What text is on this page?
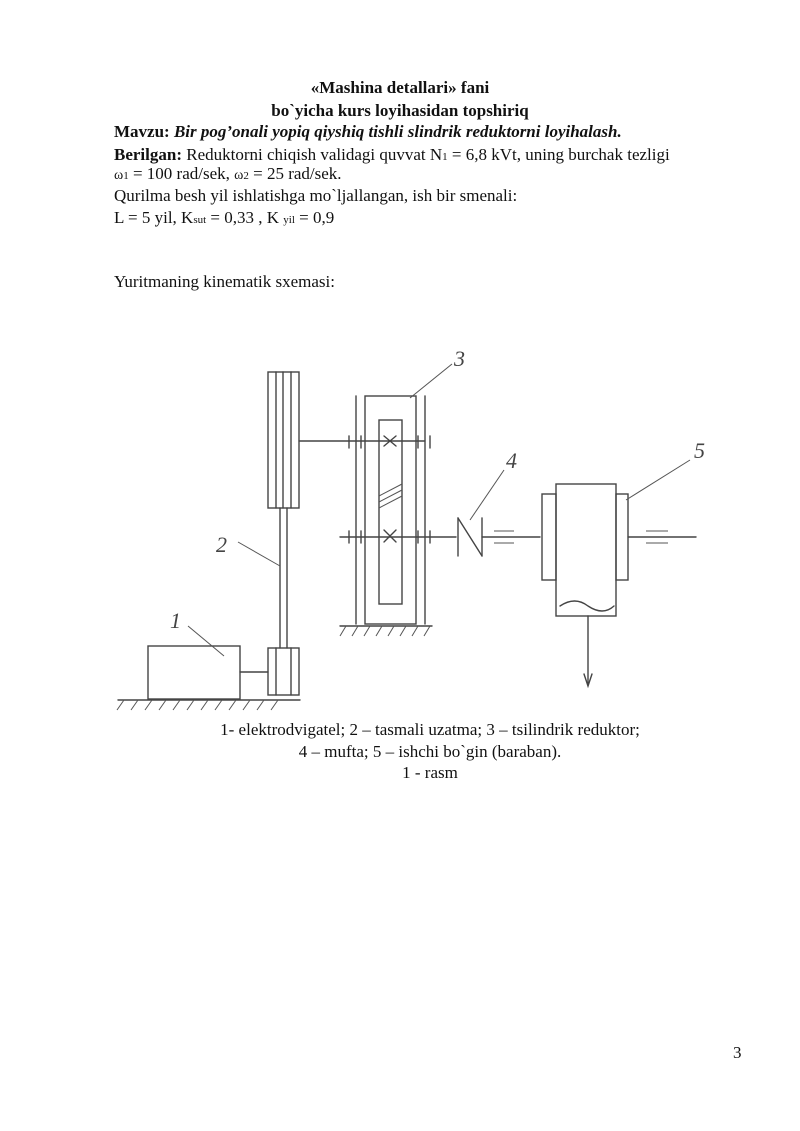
«Mashina detallari» fani
bo`yicha kurs loyihasidan topshiriq
Mavzu: Bir pog’onali yopiq qiyshiq tishli slindrik reduktorni loyihalash.
Berilgan: Reduktorni chiqish validagi quvvat N1 = 6,8 kVt, uning burchak tezligi
ω1 = 100 rad/sek, ω2 = 25 rad/sek.
Qurilma besh yil ishlatishga mo`ljallangan, ish bir smenali:
L = 5 yil, Ksut = 0,33 , K yil = 0,9
Yuritmaning kinematik sxemasi:
1
2
3
4	5
1- elektrodvigatel; 2 – tasmali uzatma; 3 – tsilindrik reduktor;
4 – mufta; 5 – ishchi bo`gin (baraban).
1 - rasm
3
